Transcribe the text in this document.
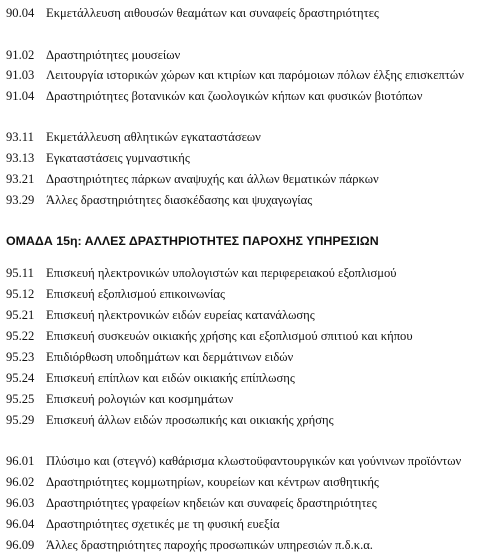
90.04 Εκμετάλλευση αιθουσών θεαμάτων και συναφείς δραστηριότητες
91.02 Δραστηριότητες μουσείων
91.03 Λειτουργία ιστορικών χώρων και κτιρίων και παρόμοιων πόλων έλξης επισκεπτών
91.04 Δραστηριότητες βοτανικών και ζωολογικών κήπων και φυσικών βιοτόπων
93.11 Εκμετάλλευση αθλητικών εγκαταστάσεων
93.13 Εγκαταστάσεις γυμναστικής
93.21 Δραστηριότητες πάρκων αναψυχής και άλλων θεματικών πάρκων
93.29 Άλλες δραστηριότητες διασκέδασης και ψυχαγωγίας
ΟΜΑΔΑ 15η: ΑΛΛΕΣ ΔΡΑΣΤΗΡΙΟΤΗΤΕΣ ΠΑΡΟΧΗΣ ΥΠΗΡΕΣΙΩΝ
95.11 Επισκευή ηλεκτρονικών υπολογιστών και περιφερειακού εξοπλισμού
95.12 Επισκευή εξοπλισμού επικοινωνίας
95.21 Επισκευή ηλεκτρονικών ειδών ευρείας κατανάλωσης
95.22 Επισκευή συσκευών οικιακής χρήσης και εξοπλισμού σπιτιού και κήπου
95.23 Επιδιόρθωση υποδημάτων και δερμάτινων ειδών
95.24 Επισκευή επίπλων και ειδών οικιακής επίπλωσης
95.25 Επισκευή ρολογιών και κοσμημάτων
95.29 Επισκευή άλλων ειδών προσωπικής και οικιακής χρήσης
96.01 Πλύσιμο και (στεγνό) καθάρισμα κλωστοϋφαντουργικών και γούνινων προϊόντων
96.02 Δραστηριότητες κομμωτηρίων, κουρείων και κέντρων αισθητικής
96.03 Δραστηριότητες γραφείων κηδειών και συναφείς δραστηριότητες
96.04 Δραστηριότητες σχετικές με τη φυσική ευεξία
96.09 Άλλες δραστηριότητες παροχής προσωπικών υπηρεσιών π.δ.κ.α.
